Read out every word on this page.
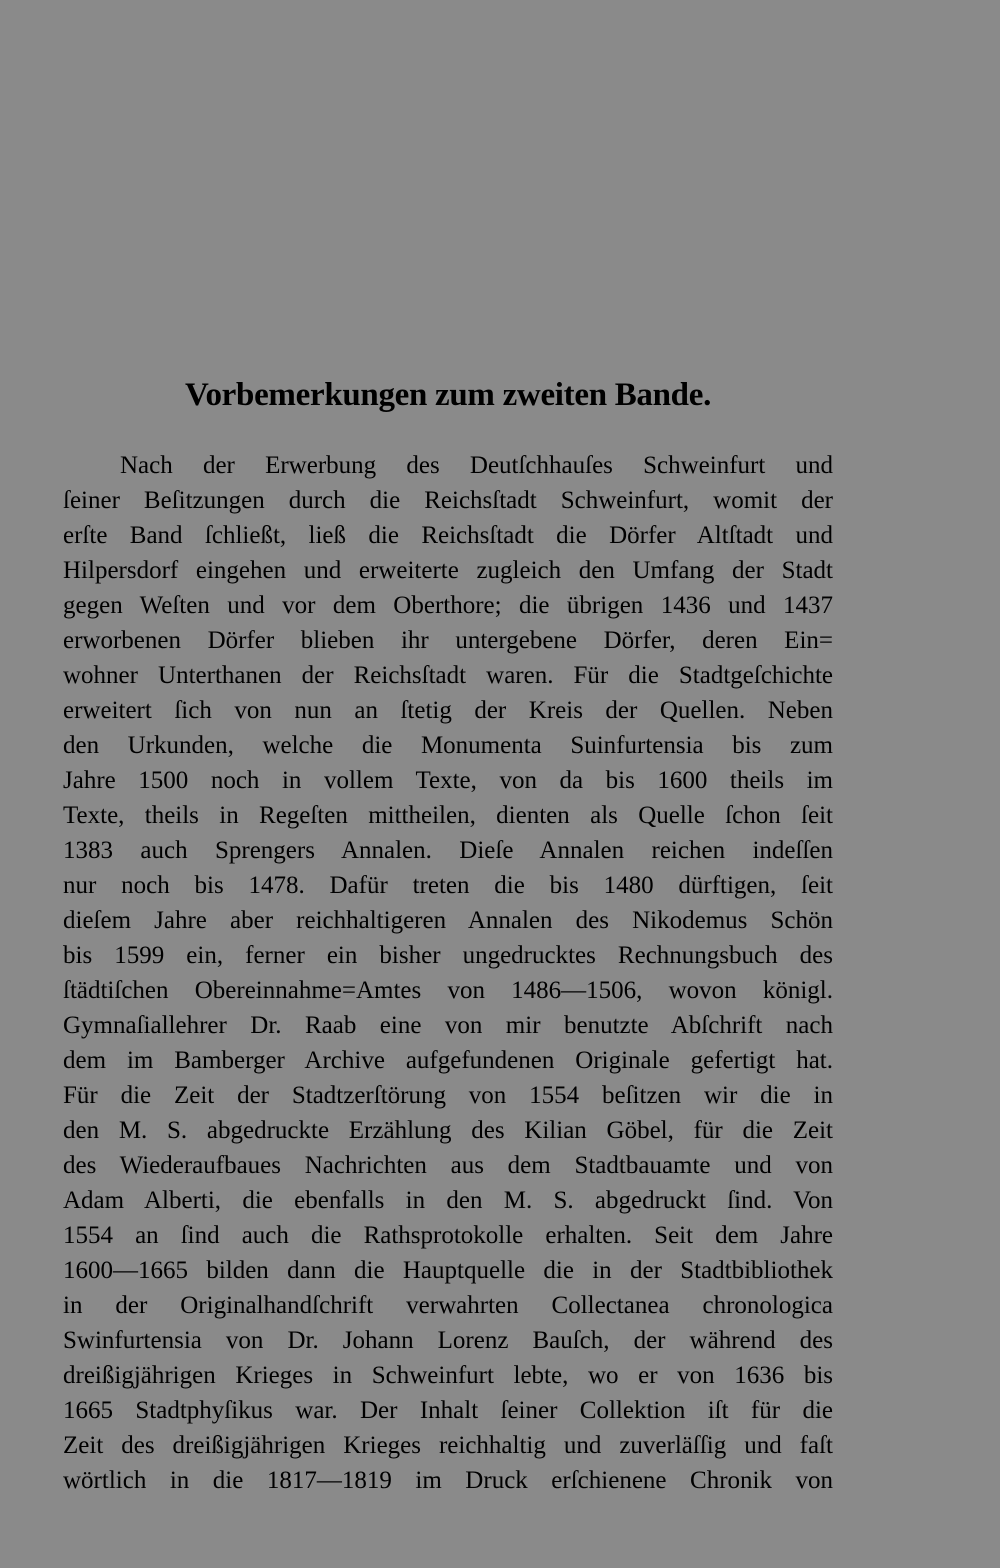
Vorbemerkungen zum zweiten Bande.
Nach der Erwerbung des Deutſchhauſes Schweinfurt und
ſeiner Beſitzungen durch die Reichsſtadt Schweinfurt, womit der
erſte Band ſchließt, ließ die Reichsſtadt die Dörfer Altſtadt und
Hilpersdorf eingehen und erweiterte zugleich den Umfang der Stadt
gegen Weſten und vor dem Oberthore; die übrigen 1436 und 1437
erworbenen Dörfer blieben ihr untergebene Dörfer, deren Ein=
wohner Unterthanen der Reichsſtadt waren. Für die Stadtgeſchichte
erweitert ſich von nun an ſtetig der Kreis der Quellen. Neben
den Urkunden, welche die Monumenta Suinfurtensia bis zum
Jahre 1500 noch in vollem Texte, von da bis 1600 theils im
Texte, theils in Regeſten mittheilen, dienten als Quelle ſchon ſeit
1383 auch Sprengers Annalen. Dieſe Annalen reichen indeſſen
nur noch bis 1478. Dafür treten die bis 1480 dürftigen, ſeit
dieſem Jahre aber reichhaltigeren Annalen des Nikodemus Schön
bis 1599 ein, ferner ein bisher ungedrucktes Rechnungsbuch des
ſtädtiſchen Obereinnahme=Amtes von 1486—1506, wovon königl.
Gymnaſiallehrer Dr. Raab eine von mir benutzte Abſchrift nach
dem im Bamberger Archive aufgefundenen Originale gefertigt hat.
Für die Zeit der Stadtzerſtörung von 1554 beſitzen wir die in
den M. S. abgedruckte Erzählung des Kilian Göbel, für die Zeit
des Wiederaufbaues Nachrichten aus dem Stadtbauamte und von
Adam Alberti, die ebenfalls in den M. S. abgedruckt ſind. Von
1554 an ſind auch die Rathsprotokolle erhalten. Seit dem Jahre
1600—1665 bilden dann die Hauptquelle die in der Stadtbibliothek
in der Originalhandſchrift verwahrten Collectanea chronologica
Swinfurtensia von Dr. Johann Lorenz Bauſch, der während des
dreißigjährigen Krieges in Schweinfurt lebte, wo er von 1636 bis
1665 Stadtphyſikus war. Der Inhalt ſeiner Collektion iſt für die
Zeit des dreißigjährigen Krieges reichhaltig und zuverläſſig und faſt
wörtlich in die 1817—1819 im Druck erſchienene Chronik von
